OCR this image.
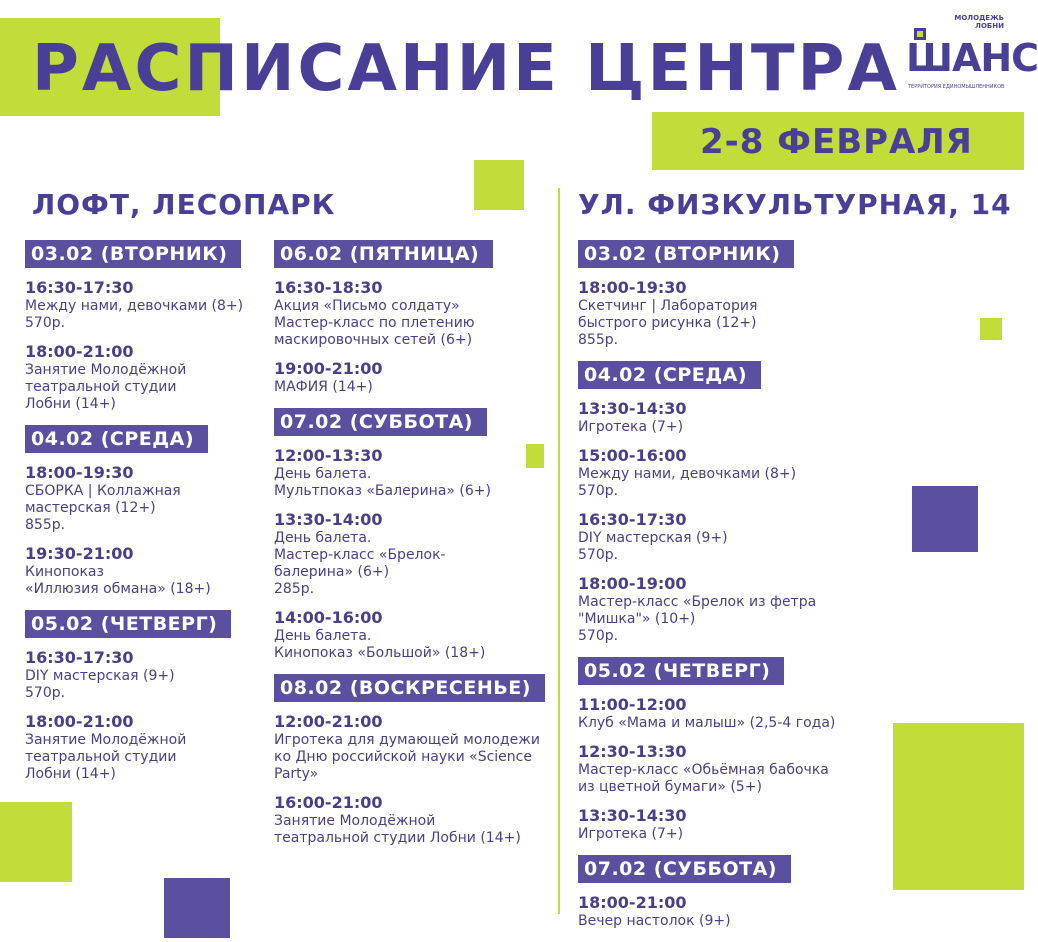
РАСПИСАНИЕ ЦЕНТРА
2-8 ФЕВРАЛЯ
МОЛОДЕЖЬ
ЛОБНИ
ШАНС
ТЕРРИТОРИЯ ЕДИНОМЫШЛЕННИКОВ
ЛОФТ, ЛЕСОПАРК	УЛ. ФИЗКУЛЬТУРНАЯ, 14
03.02 (ВТОРНИК)
16:30-17:30
Между нами, девочками (8+)
570р.
18:00-21:00
Занятие Молодёжной
театральной студии
Лобни (14+)
04.02 (СРЕДА)
18:00-19:30
СБОРКА | Коллажная
мастерская (12+)
855р.
19:30-21:00
Кинопоказ
«Иллюзия обмана» (18+)
05.02 (ЧЕТВЕРГ)
16:30-17:30
DIY мастерская (9+)
570р.
18:00-21:00
Занятие Молодёжной
театральной студии
Лобни (14+)
06.02 (ПЯТНИЦА)
16:30-18:30
Акция «Письмо солдату»
Мастер-класс по плетению
маскировочных сетей (6+)
19:00-21:00
МАФИЯ (14+)
07.02 (СУББОТА)
12:00-13:30
День балета.
Мультпоказ «Балерина» (6+)
13:30-14:00
День балета.
Мастер-класс «Брелок-
балерина» (6+)
285р.
14:00-16:00
День балета.
Кинопоказ «Большой» (18+)
08.02 (ВОСКРЕСЕНЬЕ)
12:00-21:00
Игротека для думающей молодежи
ко Дню российской науки «Science
Party»
16:00-21:00
Занятие Молодёжной
театральной студии Лобни (14+)
03.02 (ВТОРНИК)
18:00-19:30
Скетчинг | Лаборатория
быстрого рисунка (12+)
855р.
04.02 (СРЕДА)
13:30-14:30
Игротека (7+)
15:00-16:00
Между нами, девочками (8+)
570р.
16:30-17:30
DIY мастерская (9+)
570р.
18:00-19:00
Мастер-класс «Брелок из фетра
"Мишка"» (10+)
570р.
05.02 (ЧЕТВЕРГ)
11:00-12:00
Клуб «Мама и малыш» (2,5-4 года)
12:30-13:30
Мастер-класс «Обьёмная бабочка
из цветной бумаги» (5+)
13:30-14:30
Игротека (7+)
07.02 (СУББОТА)
18:00-21:00
Вечер настолок (9+)
